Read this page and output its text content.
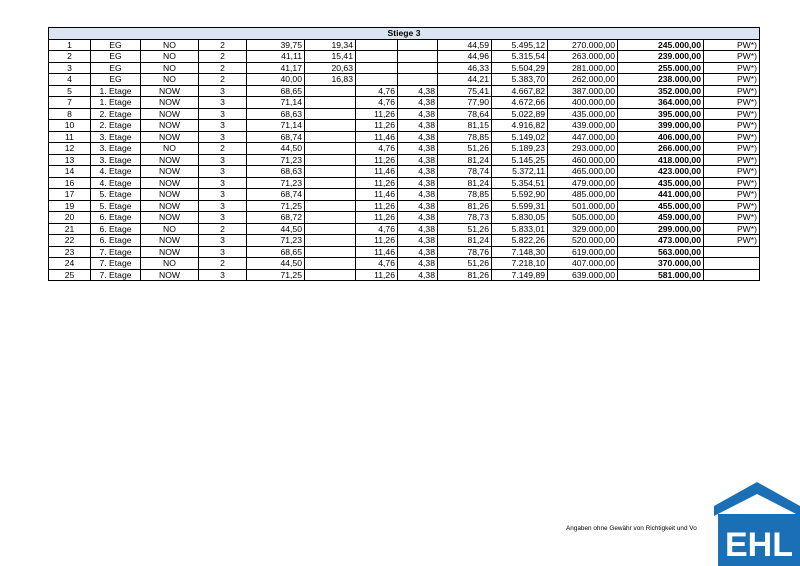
Stiege 3												
1	EG	NO	2	39,75	19,34			44,59	5.495,12	270.000,00	245.000,00	PW*)
2	EG	NO	2	41,11	15,41			44,96	5.315,54	263.000,00	239.000,00	PW*)
3	EG	NO	2	41,17	20,63			46,33	5.504,29	281.000,00	255.000,00	PW*)
4	EG	NO	2	40,00	16,83			44,21	5.383,70	262.000,00	238.000,00	PW*)
5	1. Etage	NOW	3	68,65		4,76	4,38	75,41	4.667,82	387.000,00	352.000,00	PW*)
7	1. Etage	NOW	3	71,14		4,76	4,38	77,90	4.672,66	400.000,00	364.000,00	PW*)
8	2. Etage	NOW	3	68,63		11,26	4,38	78,64	5.022,89	435.000,00	395.000,00	PW*)
10	2. Etage	NOW	3	71,14		11,26	4,38	81,15	4.916,82	439.000,00	399.000,00	PW*)
11	3. Etage	NOW	3	68,74		11,46	4,38	78,85	5.149,02	447.000,00	406.000,00	PW*)
12	3. Etage	NO	2	44,50		4,76	4,38	51,26	5.189,23	293.000,00	266.000,00	PW*)
13	3. Etage	NOW	3	71,23		11,26	4,38	81,24	5.145,25	460.000,00	418.000,00	PW*)
14	4. Etage	NOW	3	68,63		11,46	4,38	78,74	5.372,11	465.000,00	423.000,00	PW*)
16	4. Etage	NOW	3	71,23		11,26	4,38	81,24	5.354,51	479.000,00	435.000,00	PW*)
17	5. Etage	NOW	3	68,74		11,46	4,38	78,85	5.592,90	485.000,00	441.000,00	PW*)
19	5. Etage	NOW	3	71,25		11,26	4,38	81,26	5.599,31	501.000,00	455.000,00	PW*)
20	6. Etage	NOW	3	68,72		11,26	4,38	78,73	5.830,05	505.000,00	459.000,00	PW*)
21	6. Etage	NO	2	44,50		4,76	4,38	51,26	5.833,01	329.000,00	299.000,00	PW*)
22	6. Etage	NOW	3	71,23		11,26	4,38	81,24	5.822,26	520.000,00	473.000,00	PW*)
23	7. Etage	NOW	3	68,65		11,46	4,38	78,76	7.148,30	619.000,00	563.000,00	
24	7. Etage	NO	2	44,50		4,76	4,38	51,26	7.218,10	407.000,00	370.000,00	
25	7. Etage	NOW	3	71,25		11,26	4,38	81,26	7.149,89	639.000,00	581.000,00	
Angaben ohne Gewähr von Richtigkeit und Vo EHL
